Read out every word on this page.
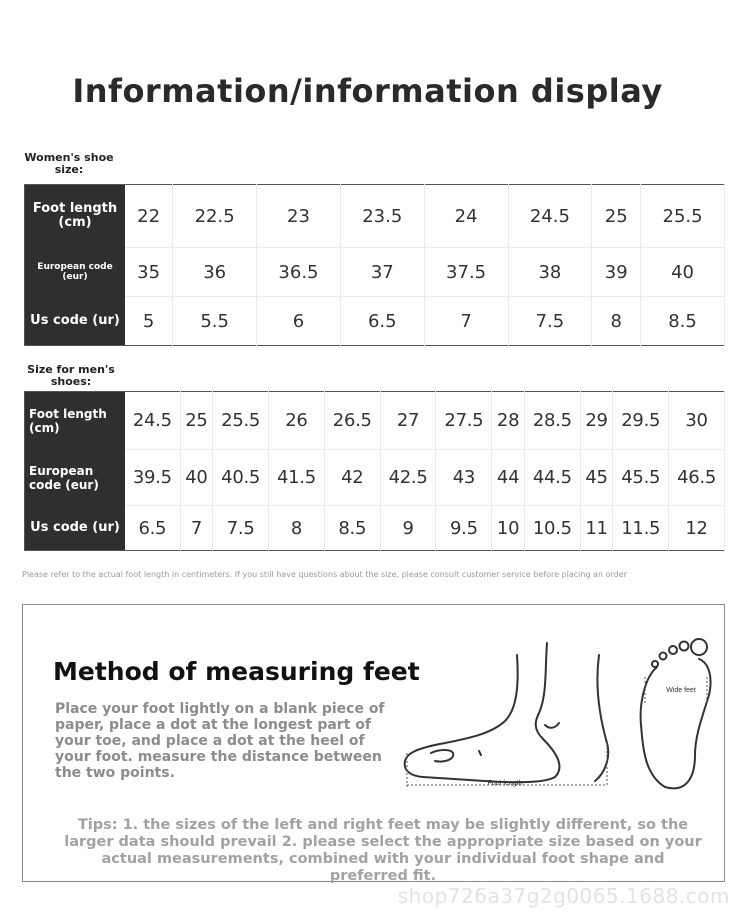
Information/information display
Women's shoe size:
Foot length (cm)	22	22.5	23	23.5	24	24.5	25	25.5
European code (eur)	35	36	36.5	37	37.5	38	39	40
Us code (ur)	5	5.5	6	6.5	7	7.5	8	8.5
Size for men's shoes:
Foot length (cm)	24.5	25	25.5	26	26.5	27	27.5	28	28.5	29	29.5	30
European code (eur)	39.5	40	40.5	41.5	42	42.5	43	44	44.5	45	45.5	46.5
Us code (ur)	6.5	7	7.5	8	8.5	9	9.5	10	10.5	11	11.5	12
Please refer to the actual foot length in centimeters. If you still have questions about the size, please consult customer service before placing an order
Method of measuring feet
Place your foot lightly on a blank piece of paper, place a dot at the longest part of your toe, and place a dot at the heel of your foot. measure the distance between the two points.
Foot length
Wide feet
Tips: 1. the sizes of the left and right feet may be slightly different, so the larger data should prevail 2. please select the appropriate size based on your actual measurements, combined with your individual foot shape and preferred fit.
shop726a37g2g0065.1688.com
